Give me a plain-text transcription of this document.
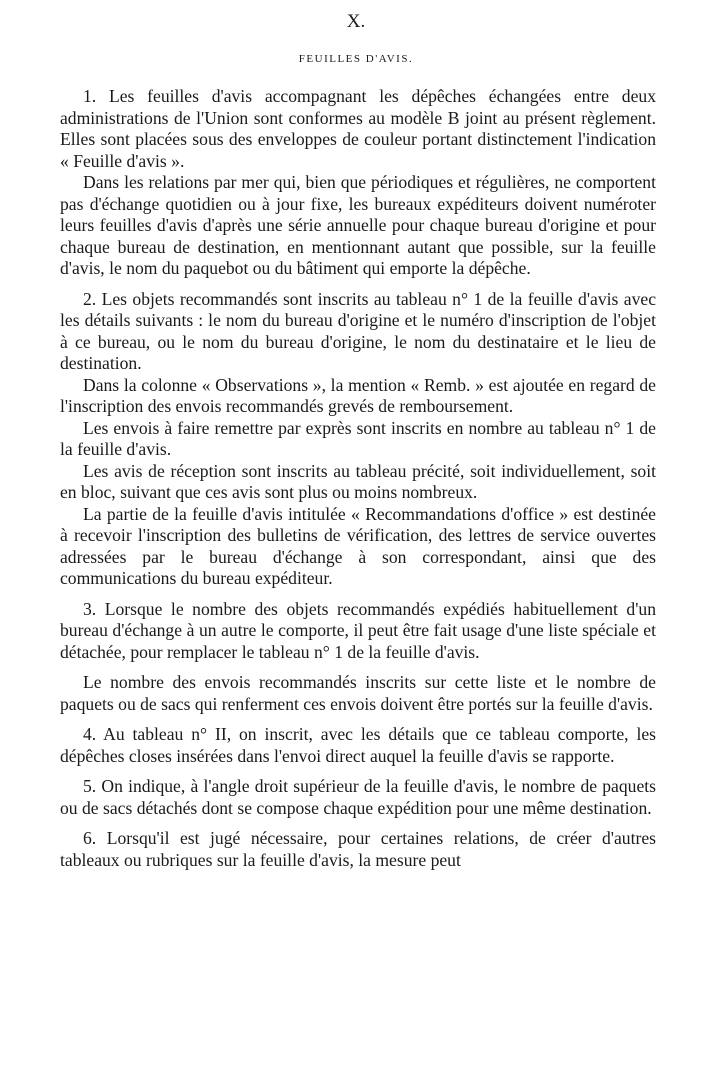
X.
FEUILLES D'AVIS.

1. Les feuilles d'avis accompagnant les dépêches échangées entre deux administrations de l'Union sont conformes au modèle B joint au présent règlement. Elles sont placées sous des enveloppes de couleur portant distinctement l'indication « Feuille d'avis ».

Dans les relations par mer qui, bien que périodiques et régulières, ne comportent pas d'échange quotidien ou à jour fixe, les bureaux expéditeurs doivent numéroter leurs feuilles d'avis d'après une série annuelle pour chaque bureau d'origine et pour chaque bureau de destination, en mentionnant autant que possible, sur la feuille d'avis, le nom du paquebot ou du bâtiment qui emporte la dépêche.

2. Les objets recommandés sont inscrits au tableau n° 1 de la feuille d'avis avec les détails suivants : le nom du bureau d'origine et le numéro d'inscription de l'objet à ce bureau, ou le nom du bureau d'origine, le nom du destinataire et le lieu de destination.

Dans la colonne « Observations », la mention « Remb. » est ajoutée en regard de l'inscription des envois recommandés grevés de remboursement.

Les envois à faire remettre par exprès sont inscrits en nombre au tableau n° 1 de la feuille d'avis.

Les avis de réception sont inscrits au tableau précité, soit individuellement, soit en bloc, suivant que ces avis sont plus ou moins nombreux.

La partie de la feuille d'avis intitulée « Recommandations d'office » est destinée à recevoir l'inscription des bulletins de vérification, des lettres de service ouvertes adressées par le bureau d'échange à son correspondant, ainsi que des communications du bureau expéditeur.

3. Lorsque le nombre des objets recommandés expédiés habituellement d'un bureau d'échange à un autre le comporte, il peut être fait usage d'une liste spéciale et détachée, pour remplacer le tableau n° 1 de la feuille d'avis.

Le nombre des envois recommandés inscrits sur cette liste et le nombre de paquets ou de sacs qui renferment ces envois doivent être portés sur la feuille d'avis.

4. Au tableau n° II, on inscrit, avec les détails que ce tableau comporte, les dépêches closes insérées dans l'envoi direct auquel la feuille d'avis se rapporte.

5. On indique, à l'angle droit supérieur de la feuille d'avis, le nombre de paquets ou de sacs détachés dont se compose chaque expédition pour une même destination.

6. Lorsqu'il est jugé nécessaire, pour certaines relations, de créer d'autres tableaux ou rubriques sur la feuille d'avis, la mesure peut
